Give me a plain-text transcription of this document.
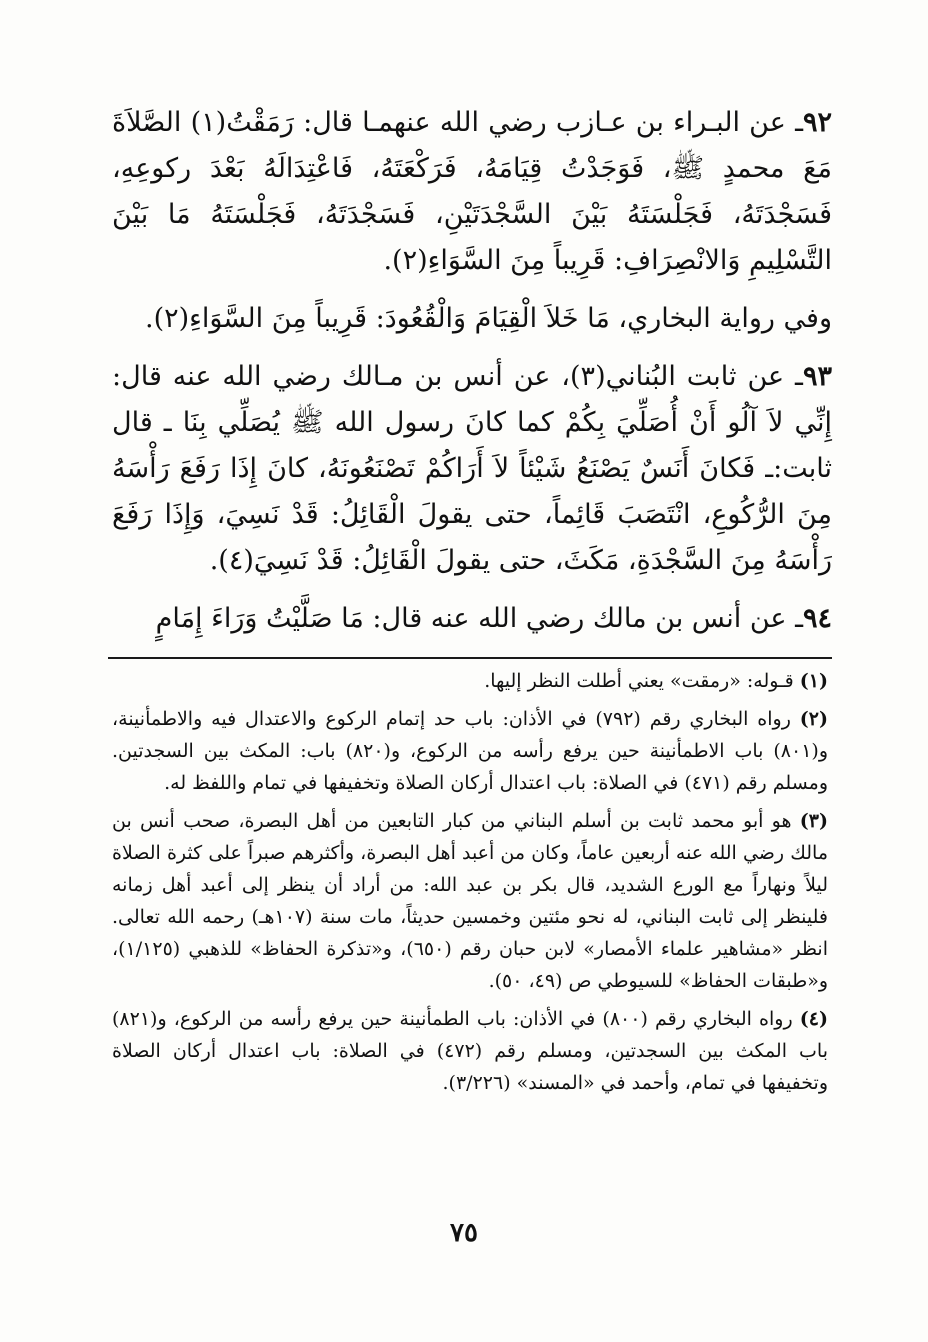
٩٢ـ عن البـراء بن عـازب رضي الله عنهمـا قال: رَمَقْتُ(١) الصَّلاَةَ مَعَ محمدٍ ﷺ، فَوَجَدْتُ قِيَامَهُ، فَرَكْعَتَهُ، فَاعْتِدَالَهُ بَعْدَ ركوعِهِ، فَسَجْدَتَهُ، فَجَلْسَتَهُ بَيْنَ السَّجْدَتَيْنِ، فَسَجْدَتَهُ، فَجَلْسَتَهُ مَا بَيْنَ التَّسْلِيمِ وَالانْصِرَافِ: قَرِيباً مِنَ السَّوَاءِ(٢).

وفي رواية البخاري، مَا خَلاَ الْقِيَامَ وَالْقُعُودَ: قَرِيباً مِنَ السَّوَاءِ(٢).

٩٣ـ عن ثابت البُناني(٣)، عن أنس بن مـالك رضي الله عنه قال: إِنِّي لاَ آلُو أَنْ أُصَلِّيَ بِكُمْ كما كانَ رسول الله ﷺ يُصَلِّي بِنَا ـ قال ثابت:ـ فَكانَ أَنَسٌ يَصْنَعُ شَيْئاً لاَ أَرَاكُمْ تَصْنَعُونَهُ، كانَ إِذَا رَفَعَ رَأْسَهُ مِنَ الرُّكُوعِ، انْتَصَبَ قَائِماً، حتى يقولَ الْقَائِلُ: قَدْ نَسِيَ، وَإِذَا رَفَعَ رَأْسَهُ مِنَ السَّجْدَةِ، مَكَثَ، حتى يقولَ الْقَائِلُ: قَدْ نَسِيَ(٤).

٩٤ـ عن أنس بن مالك رضي الله عنه قال: مَا صَلَّيْتُ وَرَاءَ إِمَامٍ

(١) قـوله: «رمقت» يعني أطلت النظر إليها.

(٢) رواه البخاري رقم (٧٩٢) في الأذان: باب حد إتمام الركوع والاعتدال فيه والاطمأنينة، و(٨٠١) باب الاطمأنينة حين يرفع رأسه من الركوع، و(٨٢٠) باب: المكث بين السجدتين. ومسلم رقم (٤٧١) في الصلاة: باب اعتدال أركان الصلاة وتخفيفها في تمام واللفظ له.

(٣) هو أبو محمد ثابت بن أسلم البناني من كبار التابعين من أهل البصرة، صحب أنس بن مالك رضي الله عنه أربعين عاماً، وكان من أعبد أهل البصرة، وأكثرهم صبراً على كثرة الصلاة ليلاً ونهاراً مع الورع الشديد، قال بكر بن عبد الله: من أراد أن ينظر إلى أعبد أهل زمانه فلينظر إلى ثابت البناني، له نحو مئتين وخمسين حديثاً، مات سنة (١٠٧هـ) رحمه الله تعالى. انظر «مشاهير علماء الأمصار» لابن حبان رقم (٦٥٠)، و«تذكرة الحفاظ» للذهبي (١/١٢٥)، و«طبقات الحفاظ» للسيوطي ص (٤٩، ٥٠).

(٤) رواه البخاري رقم (٨٠٠) في الأذان: باب الطمأنينة حين يرفع رأسه من الركوع، و(٨٢١) باب المكث بين السجدتين، ومسلم رقم (٤٧٢) في الصلاة: باب اعتدال أركان الصلاة وتخفيفها في تمام، وأحمد في «المسند» (٣/٢٢٦).

٧٥
